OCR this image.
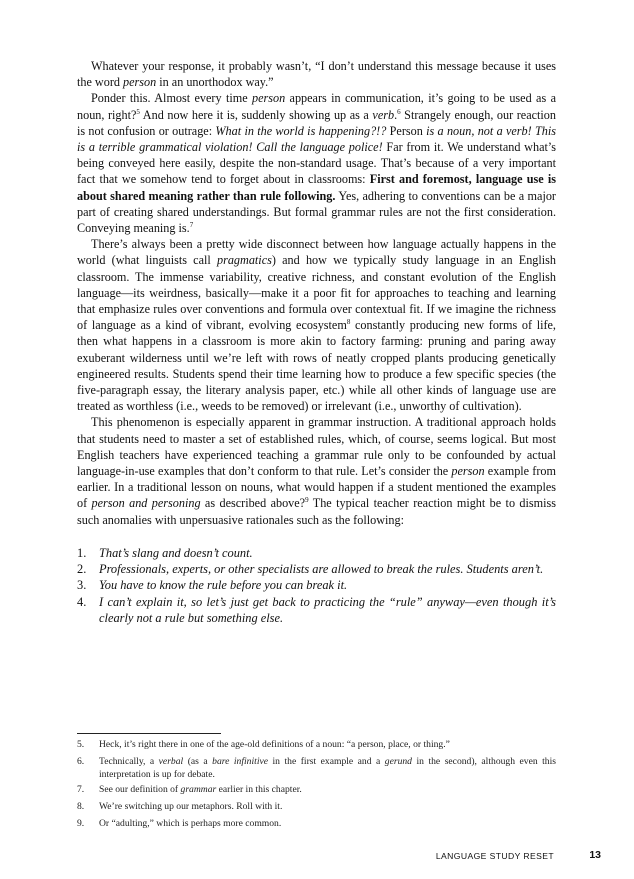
Whatever your response, it probably wasn’t, “I don’t understand this message because it uses the word person in an unorthodox way.”

Ponder this. Almost every time person appears in communication, it’s going to be used as a noun, right?$^5$ And now here it is, suddenly showing up as a verb.$^6$ Strangely enough, our reaction is not confusion or outrage: What in the world is happening?!? Person is a noun, not a verb! This is a terrible grammatical violation! Call the language police! Far from it. We understand what’s being conveyed here easily, despite the non-standard usage. That’s because of a very important fact that we somehow tend to forget about in classrooms: First and foremost, language use is about shared meaning rather than rule following. Yes, adhering to conventions can be a major part of creating shared understandings. But formal grammar rules are not the first consideration. Conveying meaning is.$^7$

There’s always been a pretty wide disconnect between how language actually happens in the world (what linguists call pragmatics) and how we typically study language in an English classroom. The immense variability, creative richness, and constant evolution of the English language—its weirdness, basically—make it a poor fit for approaches to teaching and learning that emphasize rules over conventions and formula over contextual fit. If we imagine the richness of language as a kind of vibrant, evolving ecosystem$^8$ constantly producing new forms of life, then what happens in a classroom is more akin to factory farming: pruning and paring away exuberant wilderness until we’re left with rows of neatly cropped plants producing genetically engineered results. Students spend their time learning how to produce a few specific species (the five-paragraph essay, the literary analysis paper, etc.) while all other kinds of language use are treated as worthless (i.e., weeds to be removed) or irrelevant (i.e., unworthy of cultivation).

This phenomenon is especially apparent in grammar instruction. A traditional approach holds that students need to master a set of established rules, which, of course, seems logical. But most English teachers have experienced teaching a grammar rule only to be confounded by actual language-in-use examples that don’t conform to that rule. Let’s consider the person example from earlier. In a traditional lesson on nouns, what would happen if a student mentioned the examples of person and personing as described above?$^9$ The typical teacher reaction might be to dismiss such anomalies with unpersuasive rationales such as the following:

1.	That’s slang and doesn’t count.
2.	Professionals, experts, or other specialists are allowed to break the rules. Students aren’t.
3.	You have to know the rule before you can break it.
4.	I can’t explain it, so let’s just get back to practicing the “rule” anyway—even though it’s clearly not a rule but something else.
5.	Heck, it’s right there in one of the age-old definitions of a noun: “a person, place, or thing.”
6.	Technically, a verbal (as a bare infinitive in the first example and a gerund in the second), although even this interpretation is up for debate.
7.	See our definition of grammar earlier in this chapter.
8.	We’re switching up our metaphors. Roll with it.
9.	Or “adulting,” which is perhaps more common.
LANGUAGE STUDY RESET	13
